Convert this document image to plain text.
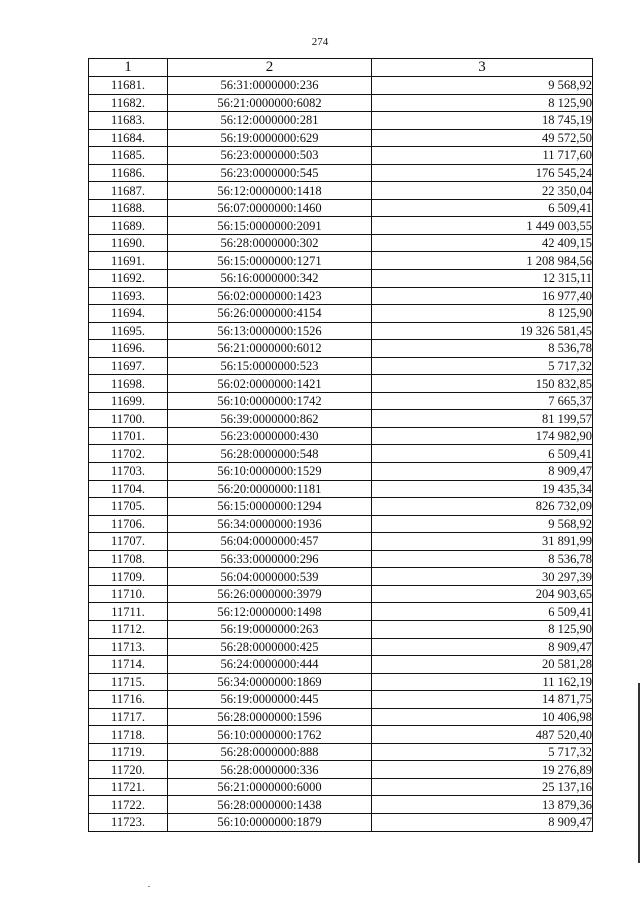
274
1	2	3
11681.	56:31:0000000:236	9 568,92
11682.	56:21:0000000:6082	8 125,90
11683.	56:12:0000000:281	18 745,19
11684.	56:19:0000000:629	49 572,50
11685.	56:23:0000000:503	11 717,60
11686.	56:23:0000000:545	176 545,24
11687.	56:12:0000000:1418	22 350,04
11688.	56:07:0000000:1460	6 509,41
11689.	56:15:0000000:2091	1 449 003,55
11690.	56:28:0000000:302	42 409,15
11691.	56:15:0000000:1271	1 208 984,56
11692.	56:16:0000000:342	12 315,11
11693.	56:02:0000000:1423	16 977,40
11694.	56:26:0000000:4154	8 125,90
11695.	56:13:0000000:1526	19 326 581,45
11696.	56:21:0000000:6012	8 536,78
11697.	56:15:0000000:523	5 717,32
11698.	56:02:0000000:1421	150 832,85
11699.	56:10:0000000:1742	7 665,37
11700.	56:39:0000000:862	81 199,57
11701.	56:23:0000000:430	174 982,90
11702.	56:28:0000000:548	6 509,41
11703.	56:10:0000000:1529	8 909,47
11704.	56:20:0000000:1181	19 435,34
11705.	56:15:0000000:1294	826 732,09
11706.	56:34:0000000:1936	9 568,92
11707.	56:04:0000000:457	31 891,99
11708.	56:33:0000000:296	8 536,78
11709.	56:04:0000000:539	30 297,39
11710.	56:26:0000000:3979	204 903,65
11711.	56:12:0000000:1498	6 509,41
11712.	56:19:0000000:263	8 125,90
11713.	56:28:0000000:425	8 909,47
11714.	56:24:0000000:444	20 581,28
11715.	56:34:0000000:1869	11 162,19
11716.	56:19:0000000:445	14 871,75
11717.	56:28:0000000:1596	10 406,98
11718.	56:10:0000000:1762	487 520,40
11719.	56:28:0000000:888	5 717,32
11720.	56:28:0000000:336	19 276,89
11721.	56:21:0000000:6000	25 137,16
11722.	56:28:0000000:1438	13 879,36
11723.	56:10:0000000:1879	8 909,47
